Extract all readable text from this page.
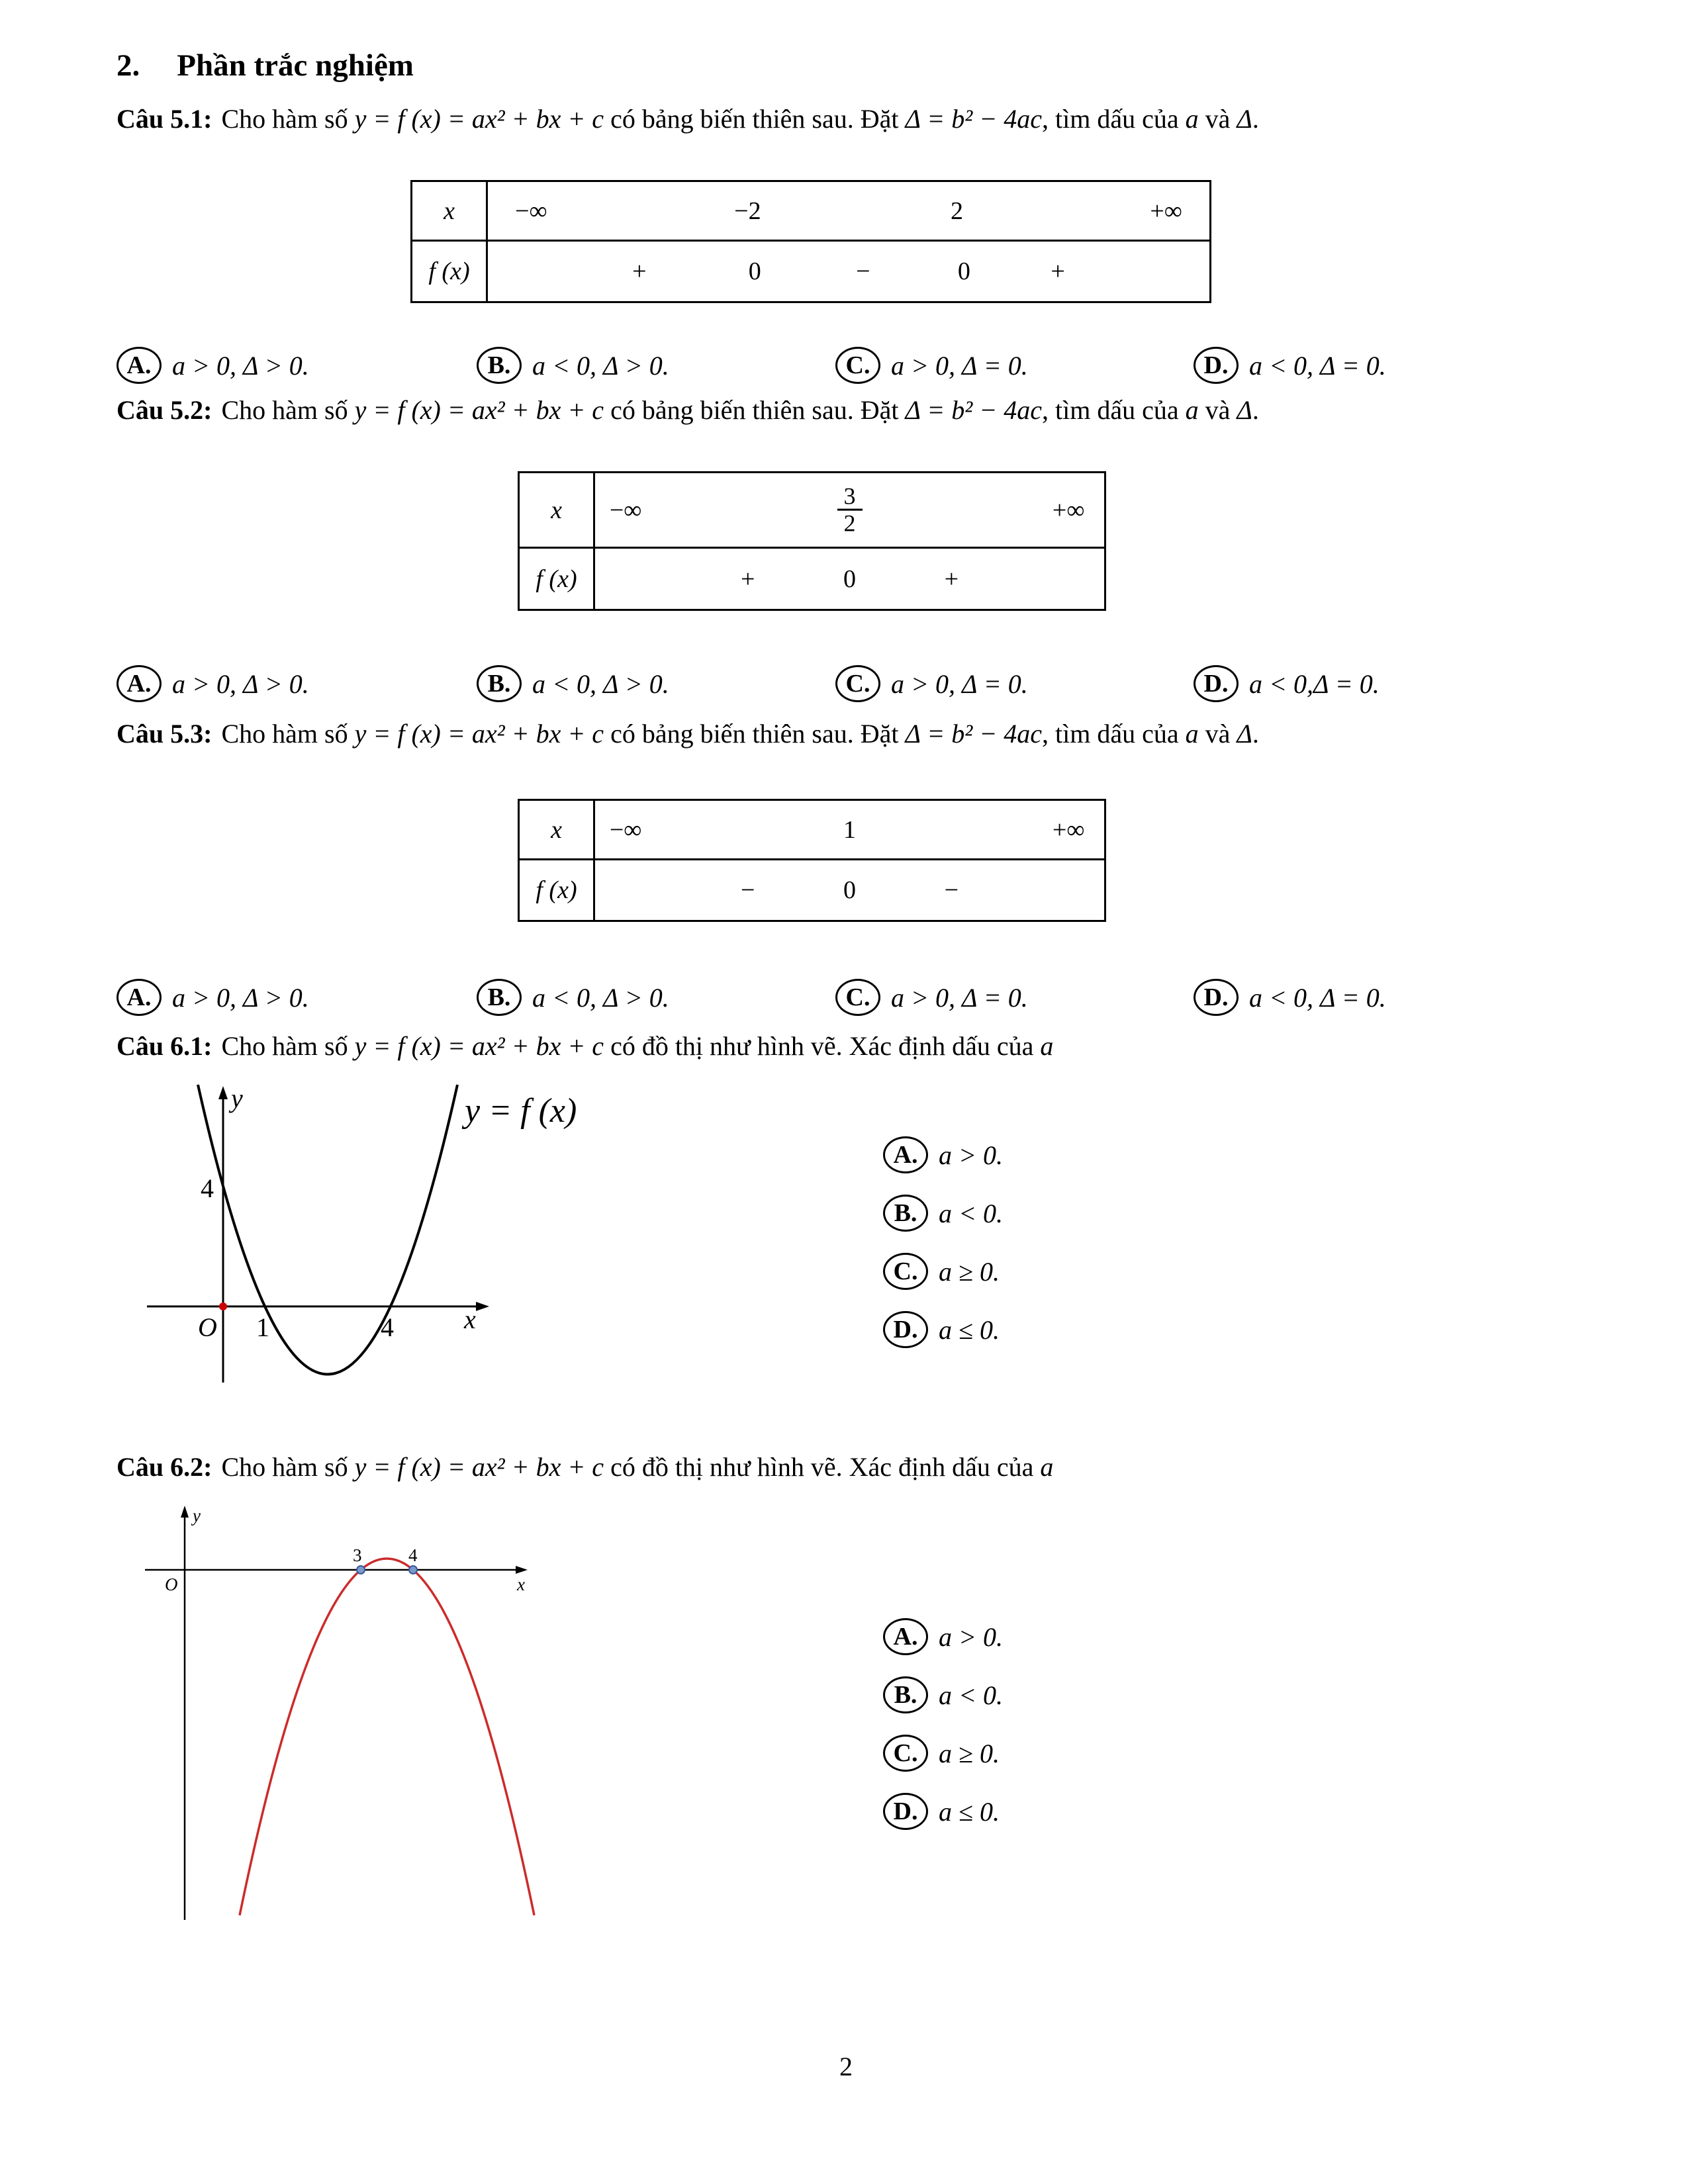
2. Phần trắc nghiệm

Câu 5.1: Cho hàm số y = f (x) = ax² + bx + c có bảng biến thiên sau. Đặt Δ = b² − 4ac, tìm dấu của a và Δ.

x	−∞	−2	2	+∞
f (x)	+	0	−	0	+
A. a > 0, Δ > 0.	B. a < 0, Δ > 0.	C. a > 0, Δ = 0.	D. a < 0, Δ = 0.

Câu 5.2: Cho hàm số y = f (x) = ax² + bx + c có bảng biến thiên sau. Đặt Δ = b² − 4ac, tìm dấu của a và Δ.

x	−∞	$\frac{3}{2}$	+∞
f (x)	+	0	+
A. a > 0, Δ > 0.	B. a < 0, Δ > 0.	C. a > 0, Δ = 0.	D. a < 0,Δ = 0.

Câu 5.3: Cho hàm số y = f (x) = ax² + bx + c có bảng biến thiên sau. Đặt Δ = b² − 4ac, tìm dấu của a và Δ.

x	−∞	1	+∞
f (x)	−	0	−
A. a > 0, Δ > 0.	B. a < 0, Δ > 0.	C. a > 0, Δ = 0.	D. a < 0, Δ = 0.

Câu 6.1: Cho hàm số y = f (x) = ax² + bx + c có đồ thị như hình vẽ. Xác định dấu của a

y
x
O
4
1	4
y = f (x)
A. a > 0.
B. a < 0.
C. a ≥ 0.
D. a ≤ 0.

Câu 6.2: Cho hàm số y = f (x) = ax² + bx + c có đồ thị như hình vẽ. Xác định dấu của a

y
x
O
3	4
A. a > 0.
B. a < 0.
C. a ≥ 0.
D. a ≤ 0.
2
